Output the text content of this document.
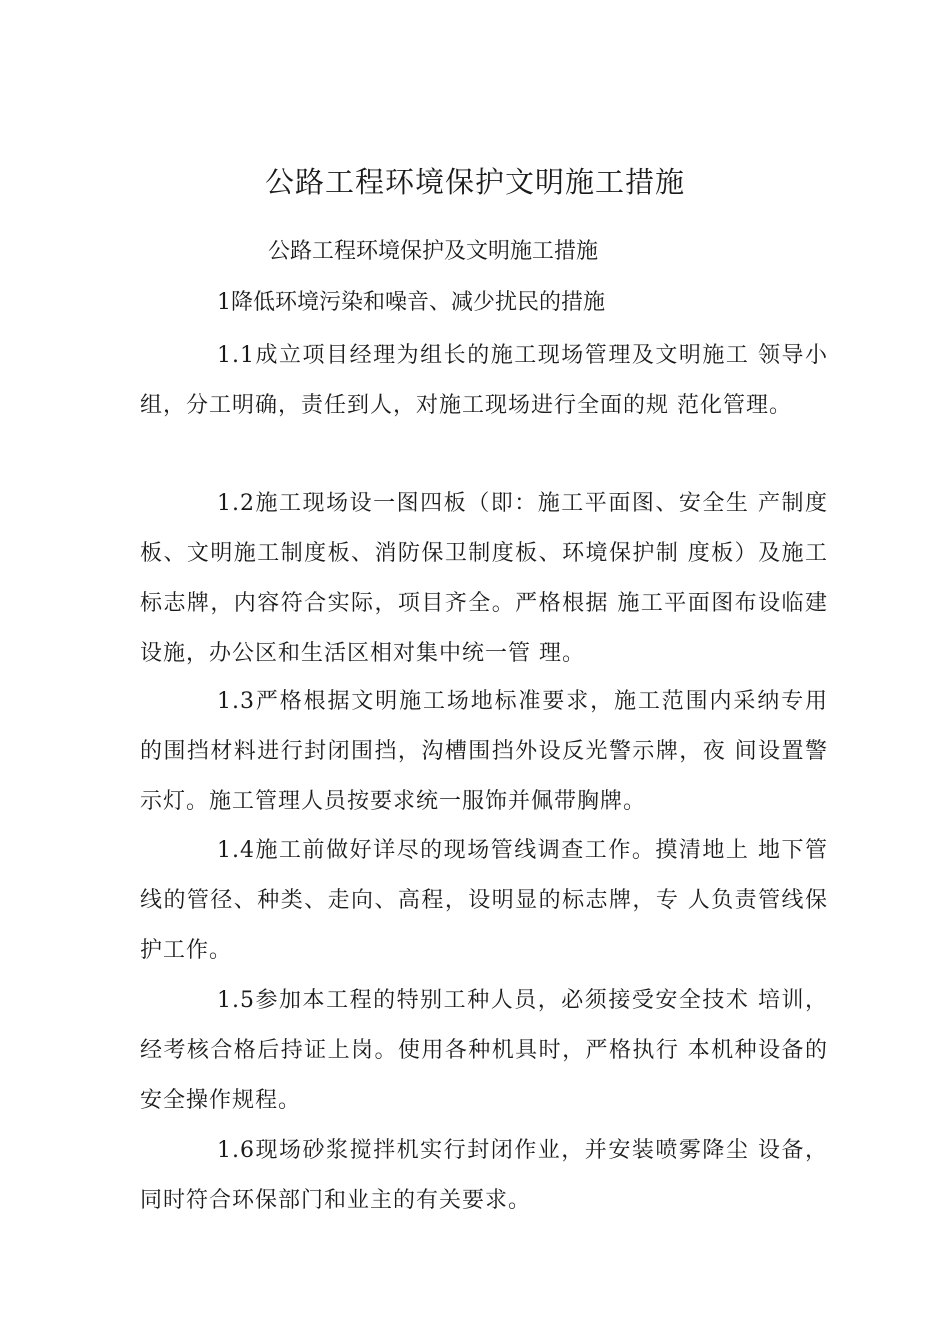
公路工程环境保护文明施工措施
公路工程环境保护及文明施工措施
1降低环境污染和噪音、减少扰民的措施
1.1成立项目经理为组长的施工现场管理及文明施工 领导小组，分工明确，责任到人，对施工现场进行全面的规 范化管理。
1.2施工现场设一图四板（即：施工平面图、安全生 产制度板、文明施工制度板、消防保卫制度板、环境保护制 度板）及施工标志牌，内容符合实际，项目齐全。严格根据 施工平面图布设临建设施，办公区和生活区相对集中统一管 理。
1.3严格根据文明施工场地标准要求，施工范围内采纳专用的围挡材料进行封闭围挡，沟槽围挡外设反光警示牌，夜 间设置警示灯。施工管理人员按要求统一服饰并佩带胸牌。
1.4施工前做好详尽的现场管线调查工作。摸清地上 地下管线的管径、种类、走向、高程，设明显的标志牌，专 人负责管线保护工作。
1.5参加本工程的特别工种人员，必须接受安全技术 培训，经考核合格后持证上岗。使用各种机具时，严格执行 本机种设备的安全操作规程。
1.6现场砂浆搅拌机实行封闭作业，并安装喷雾降尘 设备，同时符合环保部门和业主的有关要求。
